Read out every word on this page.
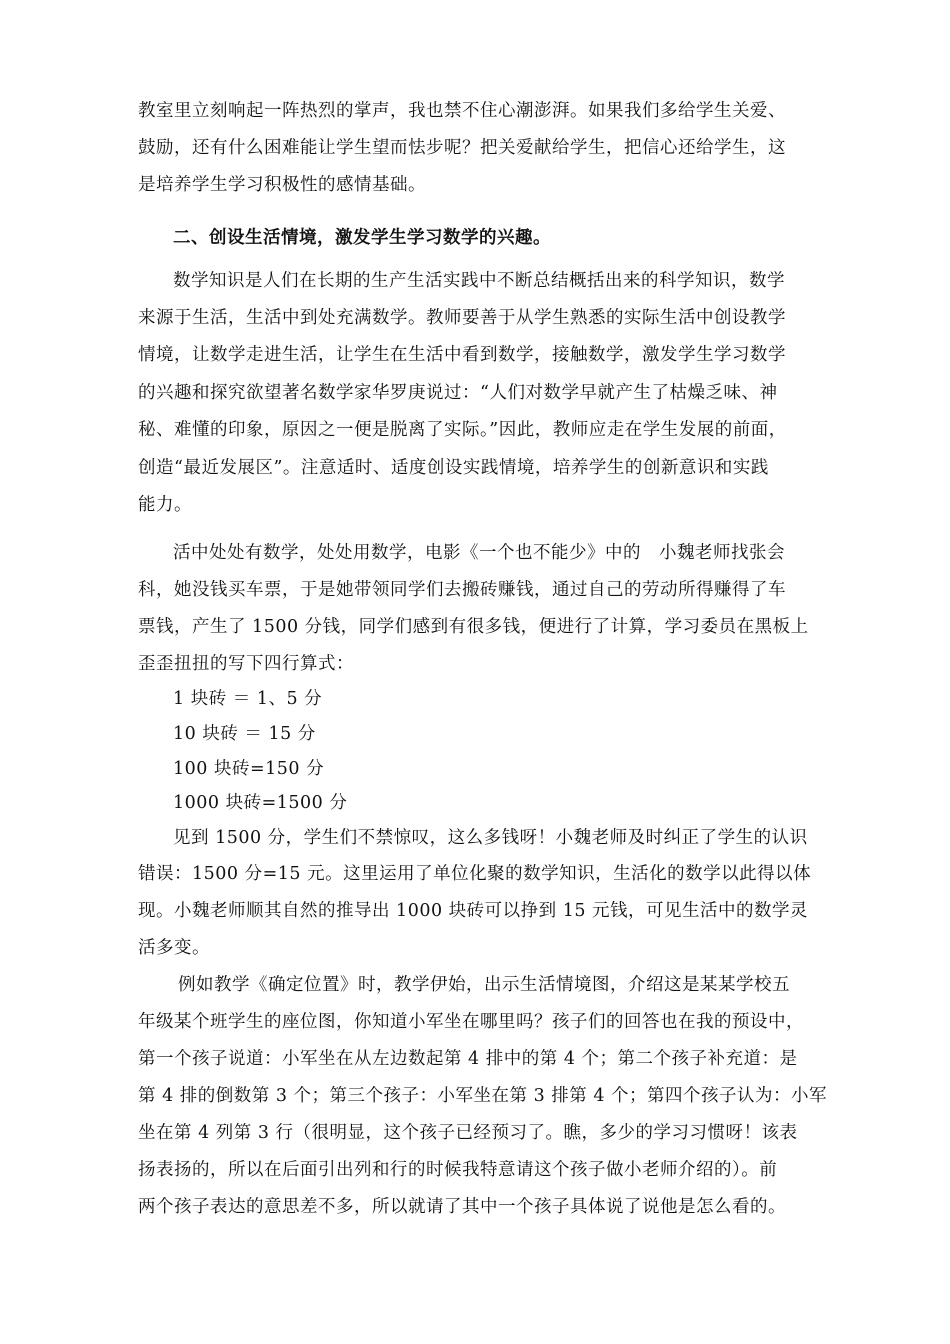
教室里立刻响起一阵热烈的掌声，我也禁不住心潮澎湃。如果我们多给学生关爱、
鼓励，还有什么困难能让学生望而怯步呢？把关爱献给学生，把信心还给学生，这
是培养学生学习积极性的感情基础。
二、创设生活情境，激发学生学习数学的兴趣。
数学知识是人们在长期的生产生活实践中不断总结概括出来的科学知识，数学
来源于生活，生活中到处充满数学。教师要善于从学生熟悉的实际生活中创设教学
情境，让数学走进生活，让学生在生活中看到数学，接触数学，激发学生学习数学
的兴趣和探究欲望著名数学家华罗庚说过：“人们对数学早就产生了枯燥乏味、神
秘、难懂的印象，原因之一便是脱离了实际。”因此，教师应走在学生发展的前面，
创造“最近发展区”。注意适时、适度创设实践情境，培养学生的创新意识和实践
能力。
活中处处有数学，处处用数学，电影《一个也不能少》中的　小魏老师找张会
科，她没钱买车票，于是她带领同学们去搬砖赚钱，通过自己的劳动所得赚得了车
票钱，产生了 1500 分钱，同学们感到有很多钱，便进行了计算，学习委员在黑板上
歪歪扭扭的写下四行算式：
1 块砖 ＝ 1、5 分
10 块砖 ＝ 15 分
100 块砖=150 分
1000 块砖=1500 分
见到 1500 分，学生们不禁惊叹，这么多钱呀！小魏老师及时纠正了学生的认识
错误：1500 分=15 元。这里运用了单位化聚的数学知识，生活化的数学以此得以体
现。小魏老师顺其自然的推导出 1000 块砖可以挣到 15 元钱，可见生活中的数学灵
活多变。
例如教学《确定位置》时，教学伊始，出示生活情境图，介绍这是某某学校五
年级某个班学生的座位图，你知道小军坐在哪里吗？孩子们的回答也在我的预设中，
第一个孩子说道：小军坐在从左边数起第 4 排中的第 4 个；第二个孩子补充道：是
第 4 排的倒数第 3 个；第三个孩子：小军坐在第 3 排第 4 个；第四个孩子认为：小军
坐在第 4 列第 3 行（很明显，这个孩子已经预习了。瞧，多少的学习习惯呀！该表
扬表扬的，所以在后面引出列和行的时候我特意请这个孩子做小老师介绍的）。前
两个孩子表达的意思差不多，所以就请了其中一个孩子具体说了说他是怎么看的。
